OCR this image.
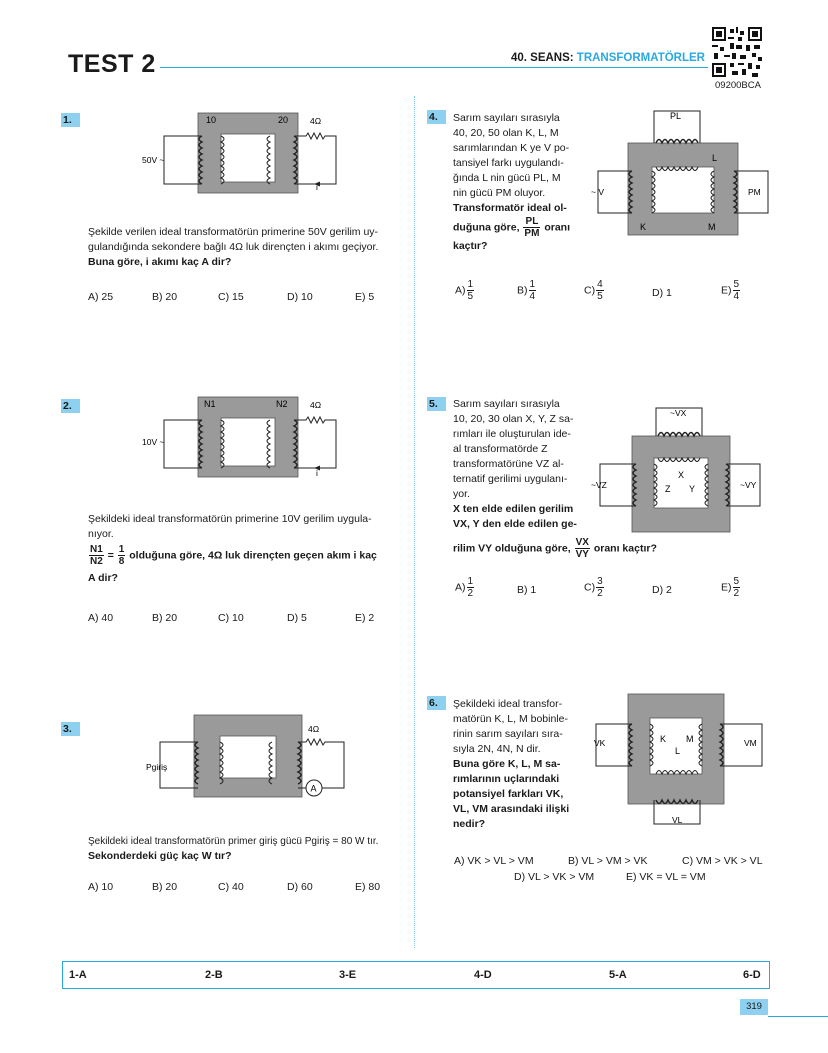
TEST 2	40. SEANS: TRANSFORMATÖRLER
09200BCA
1.	10	20	4Ω
50V ~
i
Şekilde verilen ideal transformatörün primerine 50V gerilim uy-
gulandığında sekondere bağlı 4Ω luk dirençten i akımı geçiyor.
Buna göre, i akımı kaç A dir?
A) 25	B) 20	C) 15	D) 10	E) 5
2.	N1	N2	4Ω
10V ~
i
Şekildeki ideal transformatörün primerine 10V gerilim uygula-
nıyor.
$\frac{N1}{N2} = \frac{1}{8}$ olduğuna göre, 4Ω luk dirençten geçen akım i kaç
A dir?
A) 40	B) 20	C) 10	D) 5	E) 2
3.	4Ω
Pgiriş
A
Şekildeki ideal transformatörün primer giriş gücü Pgiriş = 80 W tır.
Sekonderdeki güç kaç W tır?
A) 10	B) 20	C) 40	D) 60	E) 80
4.	Sarım sayıları sırasıyla
40, 20, 50 olan K, L, M
sarımlarından K ye V po-
tansiyel farkı uygulandı-
ğında L nin gücü PL, M
nin gücü PM oluyor.
Transformatör ideal ol-
duğuna göre, $\frac{PL}{PM}$ oranı
kaçtır?
PL
~ V	PM
K
L
M
$A) \frac{1}{5}$	$B) \frac{1}{4}$	$C) \frac{4}{5}$	D) 1	$E) \frac{5}{4}$
5.	Sarım sayıları sırasıyla
10, 20, 30 olan X, Y, Z sa-
rımları ile oluşturulan ide-
al transformatörde Z
transformatörüne VZ al-
ternatif gerilimi uygulanı-
yor.
X ten elde edilen gerilim
VX, Y den elde edilen ge-
rilim VY olduğuna göre, $\frac{VX}{VY}$ oranı kaçtır?
~VX
~VZ	~VY
X
Y
Z
$A) \frac{1}{2}$	B) 1	$C) \frac{3}{2}$	D) 2	$E) \frac{5}{2}$
6.	Şekildeki ideal transfor-
matörün K, L, M bobinle-
rinin sarım sayıları sıra-
sıyla 2N, 4N, N dir.
Buna göre K, L, M sa-
rımlarının uçlarındaki
potansiyel farkları VK,
VL, VM arasındaki ilişki
nedir?
VK	VM
VL
K
L
M
A) VK > VL > VM	B) VL > VM > VK	C) VM > VK > VL
D) VL > VK > VM	E) VK = VL = VM
1-A	2-B	3-E	4-D	5-A	6-D
319
